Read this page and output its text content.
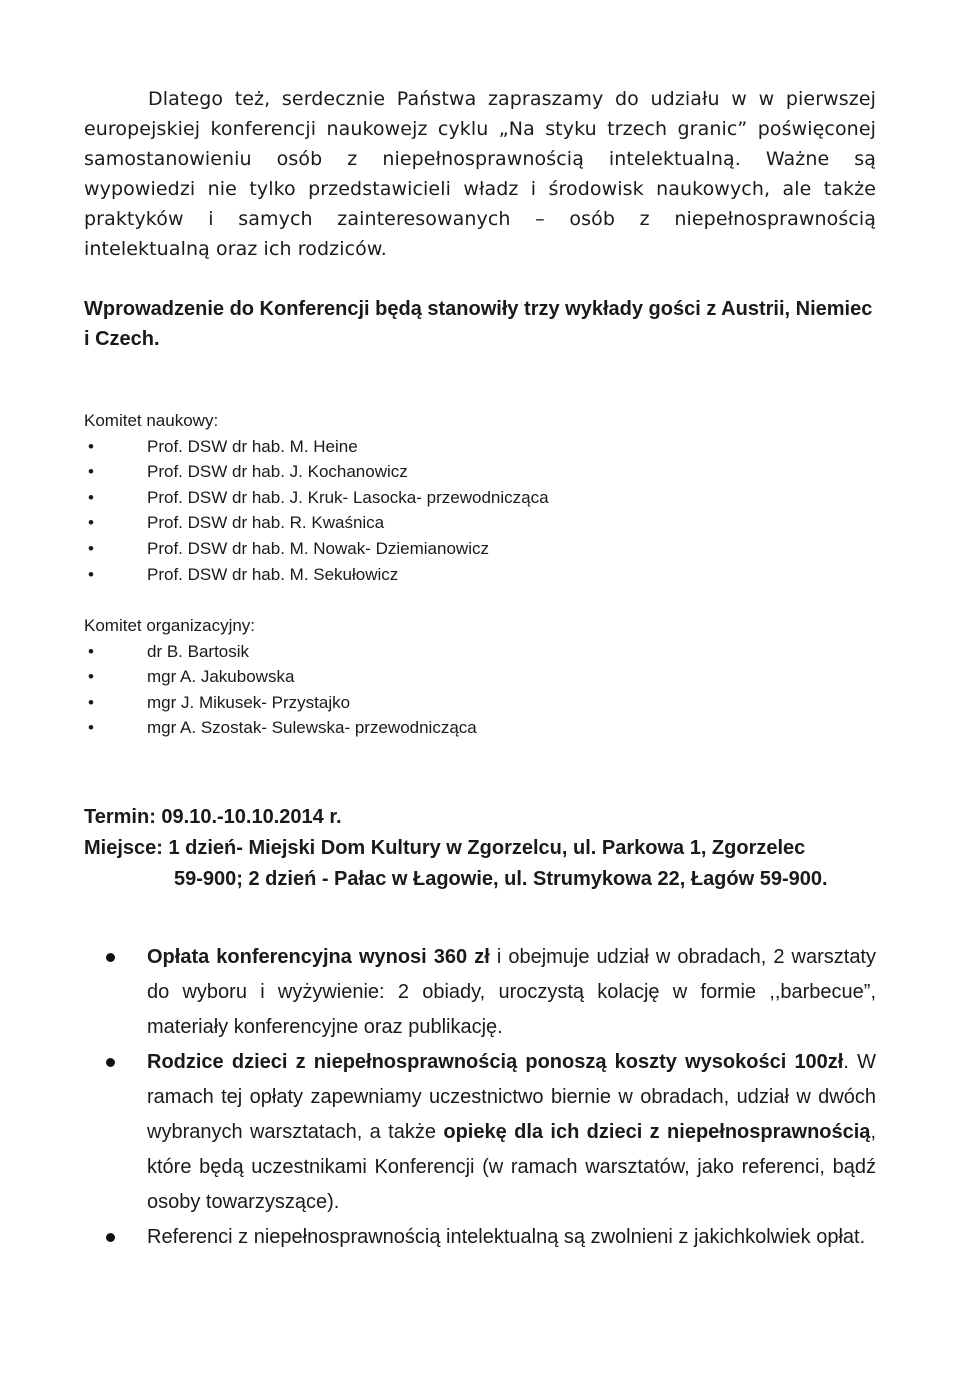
Dlatego też, serdecznie Państwa zapraszamy do udziału w w pierwszej europejskiej konferencji naukowejz cyklu „Na styku trzech granic” poświęconej samostanowieniu osób z niepełnosprawnością intelektualną. Ważne są wypowiedzi nie tylko przedstawicieli władz i środowisk naukowych, ale także praktyków i samych zainteresowanych – osób z niepełnosprawnością intelektualną oraz ich rodziców.

Wprowadzenie do Konferencji będą stanowiły trzy wykłady gości z Austrii, Niemiec i Czech.

Komitet naukowy:

•	Prof. DSW dr hab. M. Heine
•	Prof. DSW dr hab. J. Kochanowicz
•	Prof. DSW dr hab. J. Kruk- Lasocka- przewodnicząca
•	Prof. DSW dr hab. R. Kwaśnica
•	Prof. DSW dr hab. M. Nowak- Dziemianowicz
•	Prof. DSW dr hab. M. Sekułowicz

Komitet organizacyjny:

•	dr B. Bartosik
•	mgr A. Jakubowska
•	mgr J. Mikusek- Przystajko
•	mgr A. Szostak- Sulewska- przewodnicząca
Termin: 09.10.-10.10.2014 r.
Miejsce: 1 dzień- Miejski Dom Kultury w Zgorzelcu, ul. Parkowa 1, Zgorzelec
59-900; 2 dzień - Pałac w Łagowie, ul. Strumykowa 22, Łagów 59-900.
Opłata konferencyjna wynosi 360 zł i obejmuje udział w obradach, 2 warsztaty do wyboru i wyżywienie: 2 obiady, uroczystą kolację w formie ,,barbecue”, materiały konferencyjne oraz publikację.
Rodzice dzieci z niepełnosprawnością ponoszą koszty wysokości 100zł. W ramach tej opłaty zapewniamy uczestnictwo biernie w obradach, udział w dwóch wybranych warsztatach, a także opiekę dla ich dzieci z niepełnosprawnością, które będą uczestnikami Konferencji (w ramach warsztatów, jako referenci, bądź osoby towarzyszące).
Referenci z niepełnosprawnością intelektualną są zwolnieni z jakichkolwiek opłat.
